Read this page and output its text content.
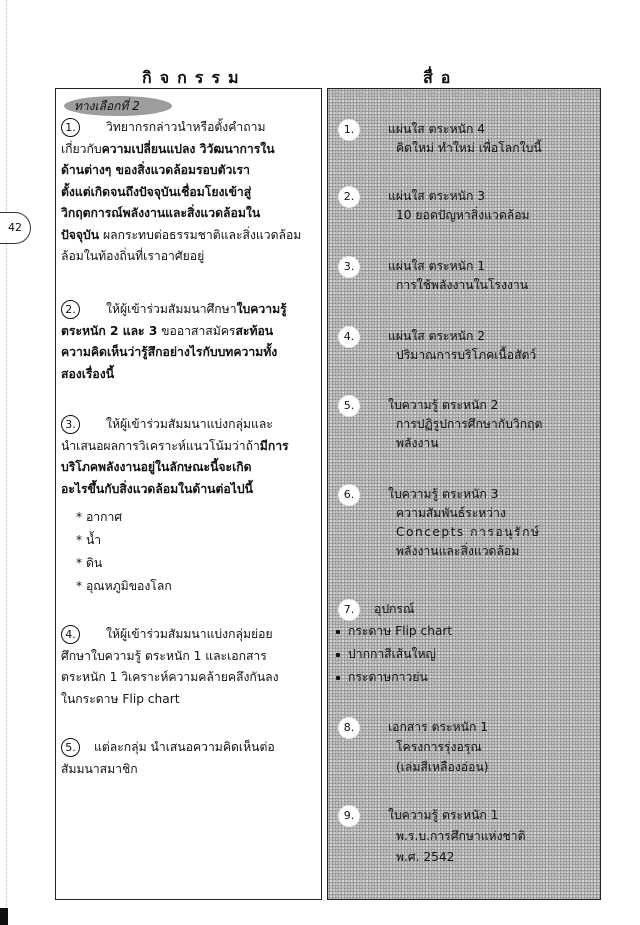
42
กิจกรรม	สื่อ
ทางเลือกที่ 2
1. วิทยากรกล่าวนำหรือตั้งคำถาม
เกี่ยวกับความเปลี่ยนแปลง วิวัฒนาการใน
ด้านต่างๆ ของสิ่งแวดล้อมรอบตัวเรา
ตั้งแต่เกิดจนถึงปัจจุบันเชื่อมโยงเข้าสู่
วิกฤตการณ์พลังงานและสิ่งแวดล้อมใน
ปัจจุบัน ผลกระทบต่อธรรมชาติและสิ่งแวดล้อม
ล้อมในท้องถิ่นที่เราอาศัยอยู่
2. ให้ผู้เข้าร่วมสัมมนาศึกษาใบความรู้
ตระหนัก 2 และ 3 ขออาสาสมัครสะท้อน
ความคิดเห็นว่ารู้สึกอย่างไรกับบทความทั้ง
สองเรื่องนี้
3. ให้ผู้เข้าร่วมสัมมนาแบ่งกลุ่มและ
นำเสนอผลการวิเคราะห์แนวโน้มว่าถ้ามีการ
บริโภคพลังงานอยู่ในลักษณะนี้จะเกิด
อะไรขึ้นกับสิ่งแวดล้อมในด้านต่อไปนี้
* อากาศ
* น้ำ
* ดิน
* อุณหภูมิของโลก
4. ให้ผู้เข้าร่วมสัมมนาแบ่งกลุ่มย่อย
ศึกษาใบความรู้ ตระหนัก 1 และเอกสาร
ตระหนัก 1 วิเคราะห์ความคล้ายคลึงกันลง
ในกระดาษ Flip chart
5. แต่ละกลุ่ม นำเสนอความคิดเห็นต่อ
สัมมนาสมาชิก
1.	แผ่นใส ตระหนัก 4
คิดใหม่ ทำใหม่ เพื่อโลกใบนี้
2.	แผ่นใส ตระหนัก 3
10 ยอดปัญหาสิ่งแวดล้อม
3.	แผ่นใส ตระหนัก 1
การใช้พลังงานในโรงงาน
4.	แผ่นใส ตระหนัก 2
ปริมาณการบริโภคเนื้อสัตว์
5.	ใบความรู้ ตระหนัก 2
การปฏิรูปการศึกษากับวิกฤต
พลังงาน
6.	ใบความรู้ ตระหนัก 3
ความสัมพันธ์ระหว่าง
Concepts การอนุรักษ์
พลังงานและสิ่งแวดล้อม
7.	อุปกรณ์
กระดาษ Flip chart
ปากกาสีเส้นใหญ่
กระดาษกาวย่น
8.	เอกสาร ตระหนัก 1
โครงการรุ่งอรุณ
(เล่มสีเหลืองอ่อน)
9.	ใบความรู้ ตระหนัก 1
พ.ร.บ.การศึกษาแห่งชาติ
พ.ศ. 2542
